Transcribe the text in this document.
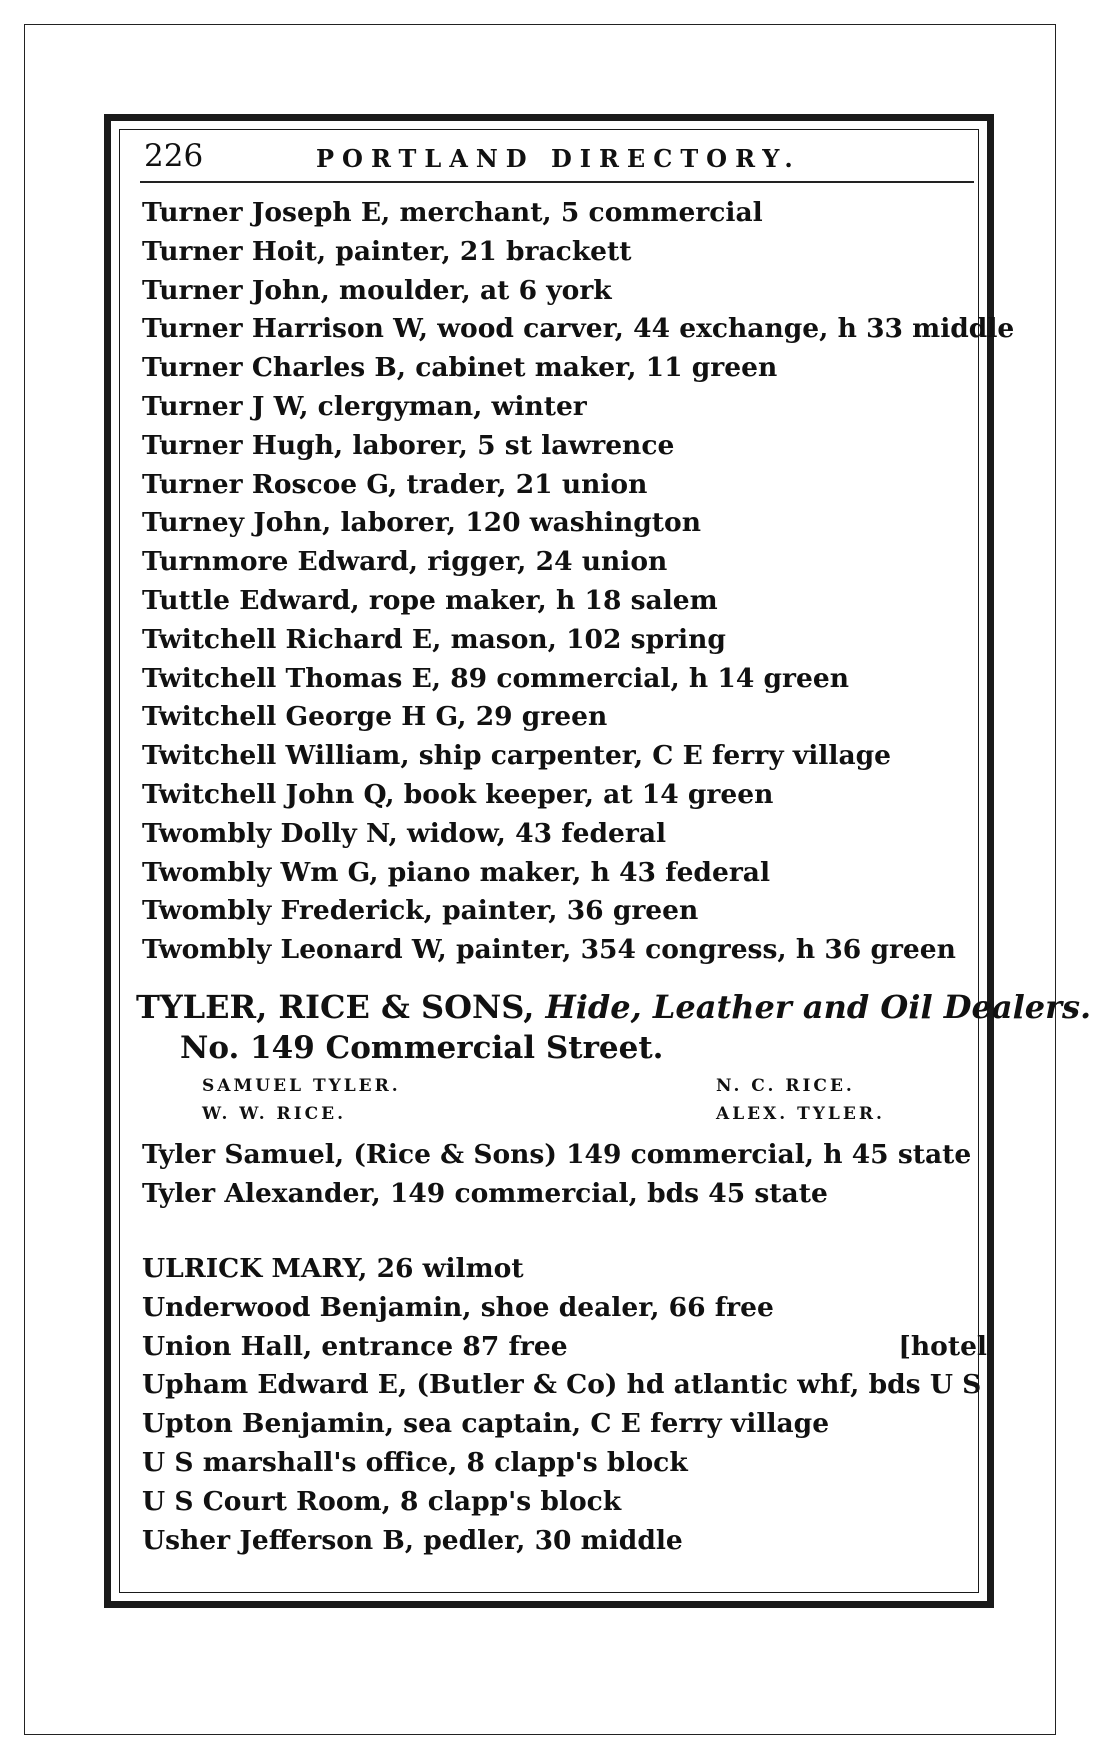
226	PORTLAND DIRECTORY.
Turner Joseph E, merchant, 5 commercial
Turner Hoit, painter, 21 brackett
Turner John, moulder, at 6 york
Turner Harrison W, wood carver, 44 exchange, h 33 middle
Turner Charles B, cabinet maker, 11 green
Turner J W, clergyman, winter
Turner Hugh, laborer, 5 st lawrence
Turner Roscoe G, trader, 21 union
Turney John, laborer, 120 washington
Turnmore Edward, rigger, 24 union
Tuttle Edward, rope maker, h 18 salem
Twitchell Richard E, mason, 102 spring
Twitchell Thomas E, 89 commercial, h 14 green
Twitchell George H G, 29 green
Twitchell William, ship carpenter, C E ferry village
Twitchell John Q, book keeper, at 14 green
Twombly Dolly N, widow, 43 federal
Twombly Wm G, piano maker, h 43 federal
Twombly Frederick, painter, 36 green
Twombly Leonard W, painter, 354 congress, h 36 green
TYLER, RICE & SONS, Hide, Leather and Oil Dealers.
No. 149 Commercial Street.
SAMUEL TYLER.	N. C. RICE.
W. W. RICE.	ALEX. TYLER.
Tyler Samuel, (Rice & Sons) 149 commercial, h 45 state
Tyler Alexander, 149 commercial, bds 45 state
ULRICK MARY, 26 wilmot
Underwood Benjamin, shoe dealer, 66 free
Union Hall, entrance 87 free	[hotel
Upham Edward E, (Butler & Co) hd atlantic whf, bds U S
Upton Benjamin, sea captain, C E ferry village
U S marshall's office, 8 clapp's block
U S Court Room, 8 clapp's block
Usher Jefferson B, pedler, 30 middle
